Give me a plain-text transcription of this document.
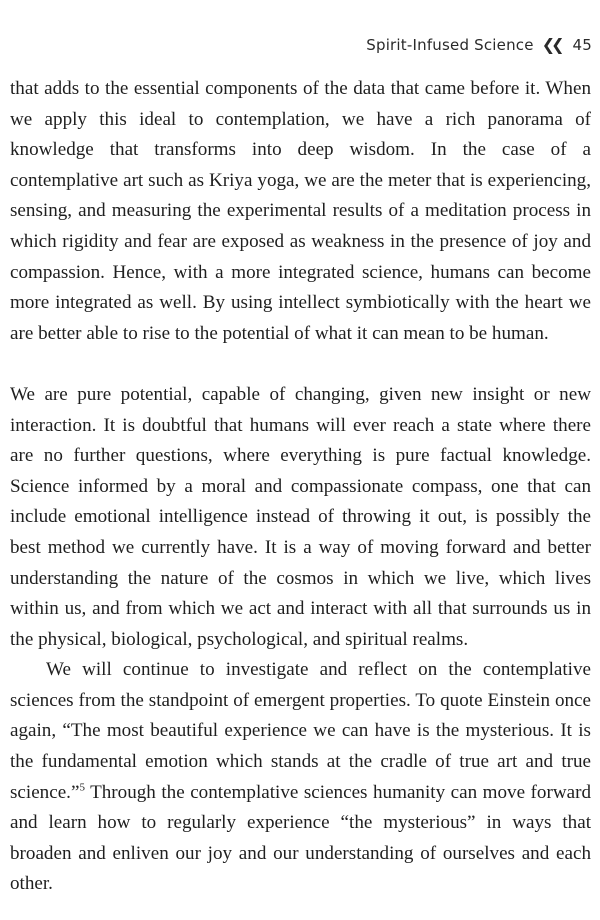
Spirit-Infused Science ❮❮ 45

that adds to the essential components of the data that came before it. When we apply this ideal to contemplation, we have a rich panorama of knowledge that transforms into deep wisdom. In the case of a contemplative art such as Kriya yoga, we are the meter that is experiencing, sensing, and measuring the experimental results of a meditation process in which rigidity and fear are exposed as weakness in the presence of joy and compassion. Hence, with a more integrated science, humans can become more integrated as well. By using intellect symbiotically with the heart we are better able to rise to the potential of what it can mean to be human.

We are pure potential, capable of changing, given new insight or new interaction. It is doubtful that humans will ever reach a state where there are no further questions, where everything is pure factual knowledge. Science informed by a moral and compassionate compass, one that can include emotional intelligence instead of throwing it out, is possibly the best method we currently have. It is a way of moving forward and better understanding the nature of the cosmos in which we live, which lives within us, and from which we act and interact with all that surrounds us in the physical, biological, psychological, and spiritual realms.

We will continue to investigate and reflect on the contemplative sciences from the standpoint of emergent properties. To quote Einstein once again, “The most beautiful experience we can have is the mysterious. It is the fundamental emotion which stands at the cradle of true art and true science.”$^5$ Through the contemplative sciences humanity can move forward and learn how to regularly experience “the mysterious” in ways that broaden and enliven our joy and our understanding of ourselves and each other.
